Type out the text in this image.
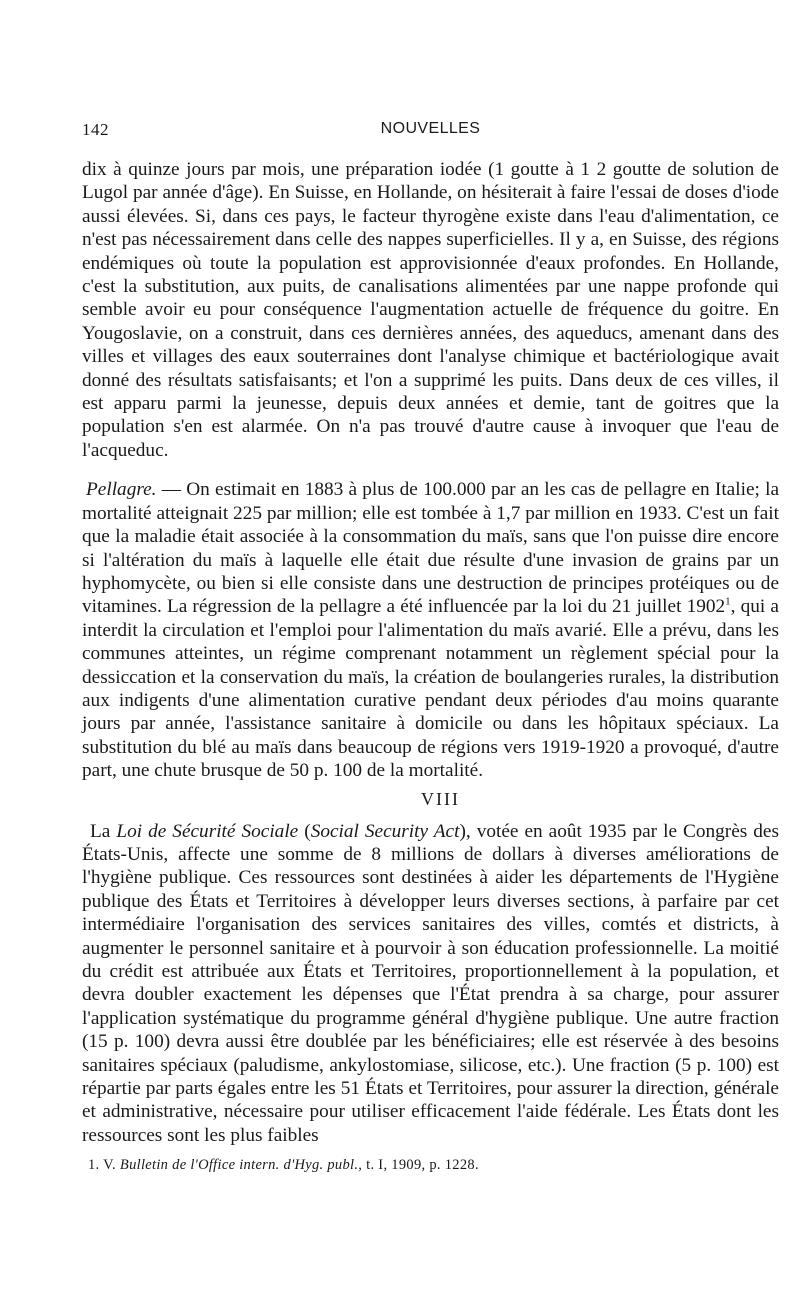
142	NOUVELLES

dix à quinze jours par mois, une préparation iodée (1 goutte à 1 2 goutte de solution de Lugol par année d'âge). En Suisse, en Hollande, on hésiterait à faire l'essai de doses d'iode aussi élevées. Si, dans ces pays, le facteur thyrogène existe dans l'eau d'alimentation, ce n'est pas nécessairement dans celle des nappes superficielles. Il y a, en Suisse, des régions endémiques où toute la population est approvisionnée d'eaux profondes. En Hollande, c'est la substitution, aux puits, de canalisations alimentées par une nappe profonde qui semble avoir eu pour conséquence l'augmentation actuelle de fréquence du goitre. En Yougoslavie, on a construit, dans ces dernières années, des aqueducs, amenant dans des villes et villages des eaux souterraines dont l'analyse chimique et bactériologique avait donné des résultats satisfaisants; et l'on a supprimé les puits. Dans deux de ces villes, il est apparu parmi la jeunesse, depuis deux années et demie, tant de goitres que la population s'en est alarmée. On n'a pas trouvé d'autre cause à invoquer que l'eau de l'acqueduc.

Pellagre. — On estimait en 1883 à plus de 100.000 par an les cas de pellagre en Italie; la mortalité atteignait 225 par million; elle est tombée à 1,7 par million en 1933. C'est un fait que la maladie était associée à la consommation du maïs, sans que l'on puisse dire encore si l'altération du maïs à laquelle elle était due résulte d'une invasion de grains par un hyphomycète, ou bien si elle consiste dans une destruction de principes protéiques ou de vitamines. La régression de la pellagre a été influencée par la loi du 21 juillet 1902$^1$, qui a interdit la circulation et l'emploi pour l'alimentation du maïs avarié. Elle a prévu, dans les communes atteintes, un régime comprenant notamment un règlement spécial pour la dessiccation et la conservation du maïs, la création de boulangeries rurales, la distribution aux indigents d'une alimentation curative pendant deux périodes d'au moins quarante jours par année, l'assistance sanitaire à domicile ou dans les hôpitaux spéciaux. La substitution du blé au maïs dans beaucoup de régions vers 1919-1920 a provoqué, d'autre part, une chute brusque de 50 p. 100 de la mortalité.

VIII

La Loi de Sécurité Sociale (Social Security Act), votée en août 1935 par le Congrès des États-Unis, affecte une somme de 8 millions de dollars à diverses améliorations de l'hygiène publique. Ces ressources sont destinées à aider les départements de l'Hygiène publique des États et Territoires à développer leurs diverses sections, à parfaire par cet intermédiaire l'organisation des services sanitaires des villes, comtés et districts, à augmenter le personnel sanitaire et à pourvoir à son éducation professionnelle. La moitié du crédit est attribuée aux États et Territoires, proportionnellement à la population, et devra doubler exactement les dépenses que l'État prendra à sa charge, pour assurer l'application systématique du programme général d'hygiène publique. Une autre fraction (15 p. 100) devra aussi être doublée par les bénéficiaires; elle est réservée à des besoins sanitaires spéciaux (paludisme, ankylostomiase, silicose, etc.). Une fraction (5 p. 100) est répartie par parts égales entre les 51 États et Territoires, pour assurer la direction, générale et administrative, nécessaire pour utiliser efficacement l'aide fédérale. Les États dont les ressources sont les plus faibles

1. V. Bulletin de l'Office intern. d'Hyg. publ., t. I, 1909, p. 1228.
